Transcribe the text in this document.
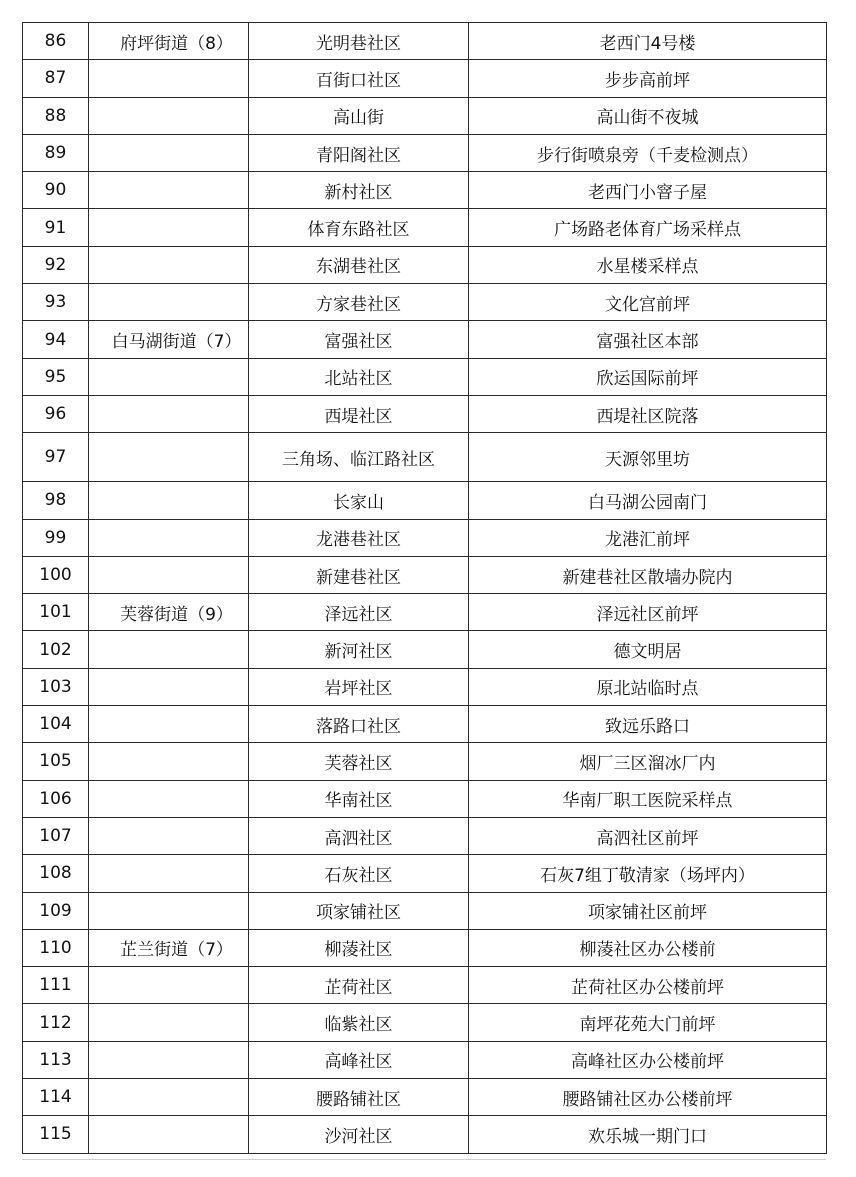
86	府坪街道（8）	光明巷社区	老西门4号楼
87		百街口社区	步步高前坪
88		高山街	高山街不夜城
89		青阳阁社区	步行街喷泉旁（千麦检测点）
90		新村社区	老西门小窨子屋
91		体育东路社区	广场路老体育广场采样点
92		东湖巷社区	水星楼采样点
93		方家巷社区	文化宫前坪
94	白马湖街道（7）	富强社区	富强社区本部
95		北站社区	欣运国际前坪
96		西堤社区	西堤社区院落
97		三角场、临江路社区	天源邻里坊
98		长家山	白马湖公园南门
99		龙港巷社区	龙港汇前坪
100		新建巷社区	新建巷社区散墙办院内
101	芙蓉街道（9）	泽远社区	泽远社区前坪
102		新河社区	德文明居
103		岩坪社区	原北站临时点
104		落路口社区	致远乐路口
105		芙蓉社区	烟厂三区溜冰厂内
106		华南社区	华南厂职工医院采样点
107		高泗社区	高泗社区前坪
108		石灰社区	石灰7组丁敬清家（场坪内）
109		项家铺社区	项家铺社区前坪
110	芷兰街道（7）	柳蓤社区	柳蓤社区办公楼前
111		芷荷社区	芷荷社区办公楼前坪
112		临紫社区	南坪花苑大门前坪
113		高峰社区	高峰社区办公楼前坪
114		腰路铺社区	腰路铺社区办公楼前坪
115		沙河社区	欢乐城一期门口
